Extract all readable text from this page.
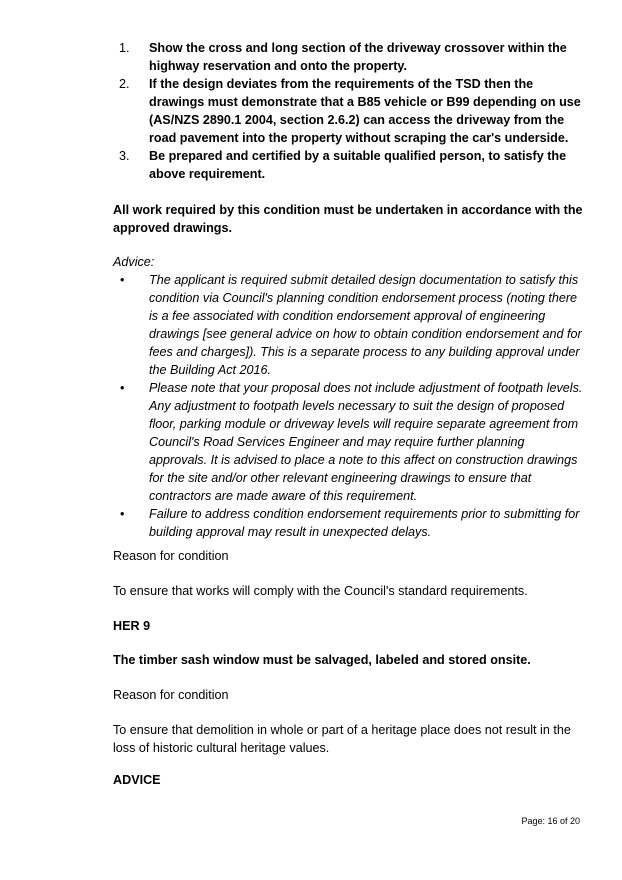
1. Show the cross and long section of the driveway crossover within the highway reservation and onto the property.
2. If the design deviates from the requirements of the TSD then the drawings must demonstrate that a B85 vehicle or B99 depending on use (AS/NZS 2890.1 2004, section 2.6.2) can access the driveway from the road pavement into the property without scraping the car's underside.
3. Be prepared and certified by a suitable qualified person, to satisfy the above requirement.

All work required by this condition must be undertaken in accordance with the approved drawings.

Advice:

• The applicant is required submit detailed design documentation to satisfy this condition via Council's planning condition endorsement process (noting there is a fee associated with condition endorsement approval of engineering drawings [see general advice on how to obtain condition endorsement and for fees and charges]). This is a separate process to any building approval under the Building Act 2016.
• Please note that your proposal does not include adjustment of footpath levels. Any adjustment to footpath levels necessary to suit the design of proposed floor, parking module or driveway levels will require separate agreement from Council's Road Services Engineer and may require further planning approvals. It is advised to place a note to this affect on construction drawings for the site and/or other relevant engineering drawings to ensure that contractors are made aware of this requirement.
• Failure to address condition endorsement requirements prior to submitting for building approval may result in unexpected delays.

Reason for condition

To ensure that works will comply with the Council's standard requirements.

HER 9

The timber sash window must be salvaged, labeled and stored onsite.

Reason for condition

To ensure that demolition in whole or part of a heritage place does not result in the loss of historic cultural heritage values.

ADVICE

Page: 16 of 20
